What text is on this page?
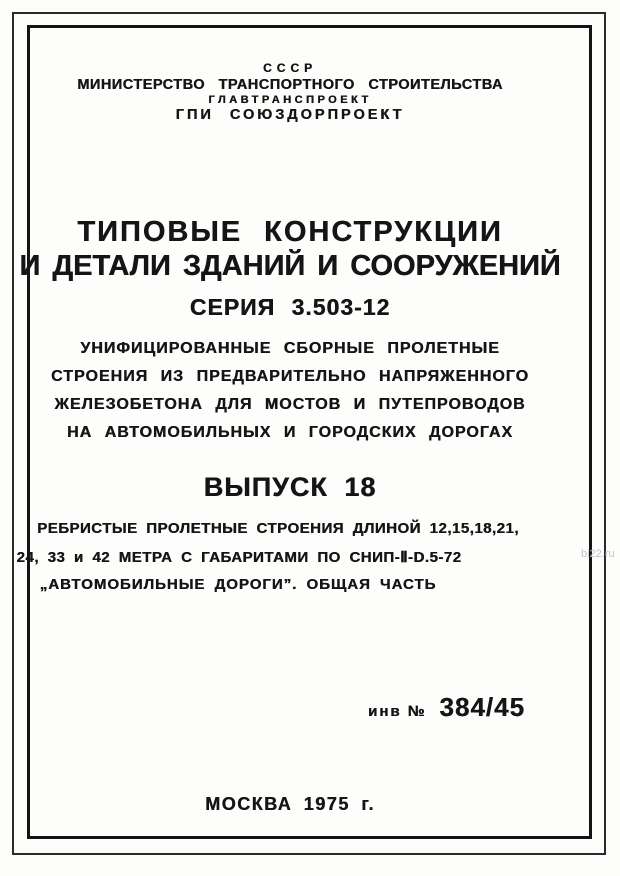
СССР
МИНИСТЕРСТВО ТРАНСПОРТНОГО СТРОИТЕЛЬСТВА
ГЛАВТРАНСПРОЕКТ
ГПИ СОЮЗДОРПРОЕКТ
ТИПОВЫЕ КОНСТРУКЦИИ
И ДЕТАЛИ ЗДАНИЙ И СООРУЖЕНИЙ
СЕРИЯ 3.503-12
УНИФИЦИРОВАННЫЕ СБОРНЫЕ ПРОЛЕТНЫЕ
СТРОЕНИЯ ИЗ ПРЕДВАРИТЕЛЬНО НАПРЯЖЕННОГО
ЖЕЛЕЗОБЕТОНА ДЛЯ МОСТОВ И ПУТЕПРОВОДОВ
НА АВТОМОБИЛЬНЫХ И ГОРОДСКИХ ДОРОГАХ
ВЫПУСК 18
РЕБРИСТЫЕ ПРОЛЕТНЫЕ СТРОЕНИЯ ДЛИНОЙ 12,15,18,21,
24, 33 и 42 МЕТРА С ГАБАРИТАМИ ПО СНИП-Ⅱ-D.5-72
„АВТОМОБИЛЬНЫЕ ДОРОГИ”. ОБЩАЯ ЧАСТЬ
инв № 384/45
МОСКВА 1975 г.
bi22.ru
